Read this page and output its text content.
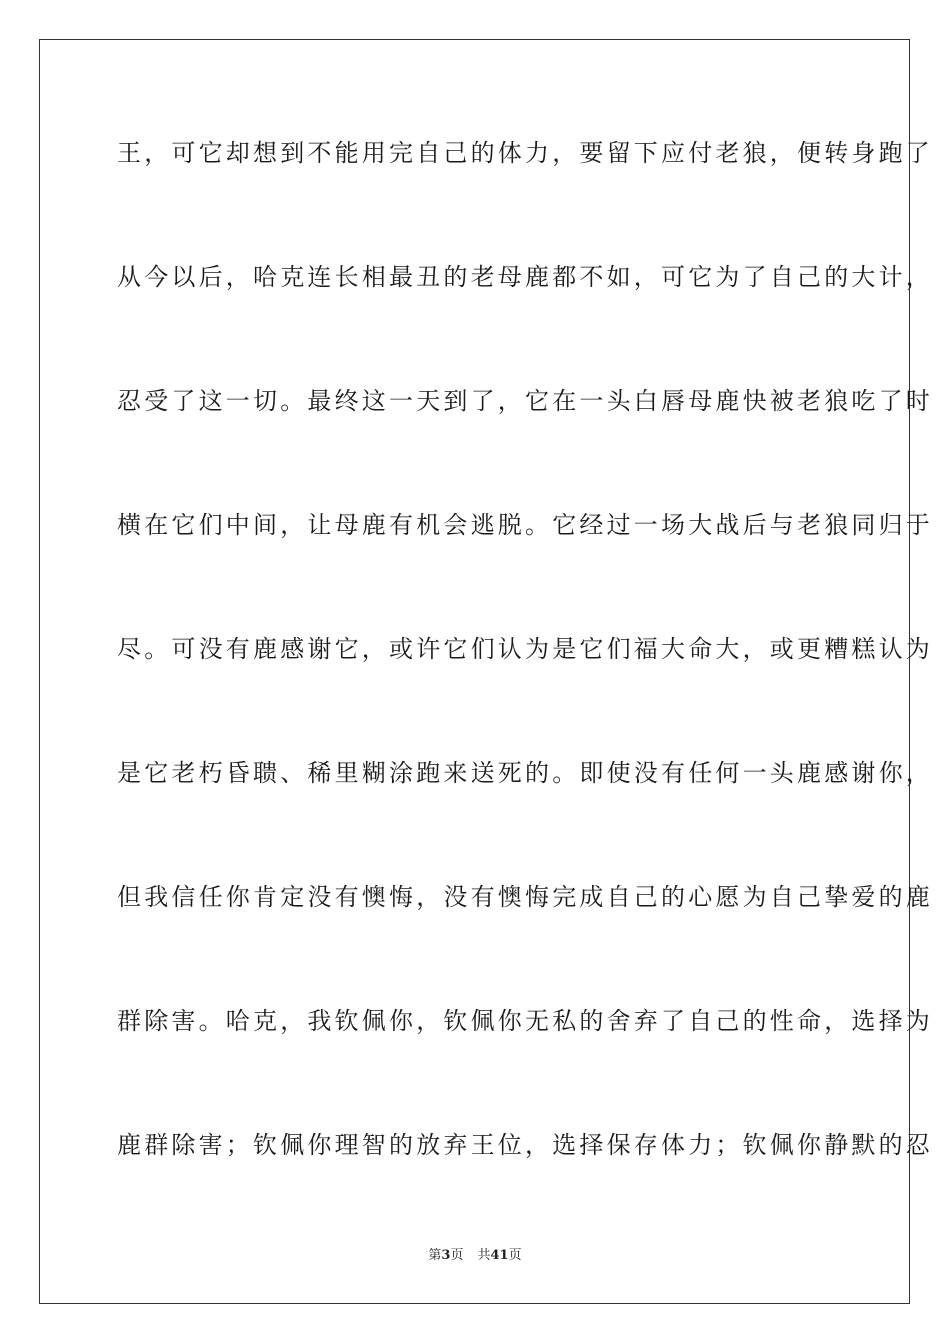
王，可它却想到不能用完自己的体力，要留下应付老狼，便转身跑了
从今以后，哈克连长相最丑的老母鹿都不如，可它为了自己的大计，
忍受了这一切。最终这一天到了，它在一头白唇母鹿快被老狼吃了时
横在它们中间，让母鹿有机会逃脱。它经过一场大战后与老狼同归于
尽。可没有鹿感谢它，或许它们认为是它们福大命大，或更糟糕认为
是它老朽昏聩、稀里糊涂跑来送死的。即使没有任何一头鹿感谢你，
但我信任你肯定没有懊悔，没有懊悔完成自己的心愿为自己挚爱的鹿
群除害。哈克，我钦佩你，钦佩你无私的舍弃了自己的性命，选择为
鹿群除害；钦佩你理智的放弃王位，选择保存体力；钦佩你静默的忍
第3页 共41页
